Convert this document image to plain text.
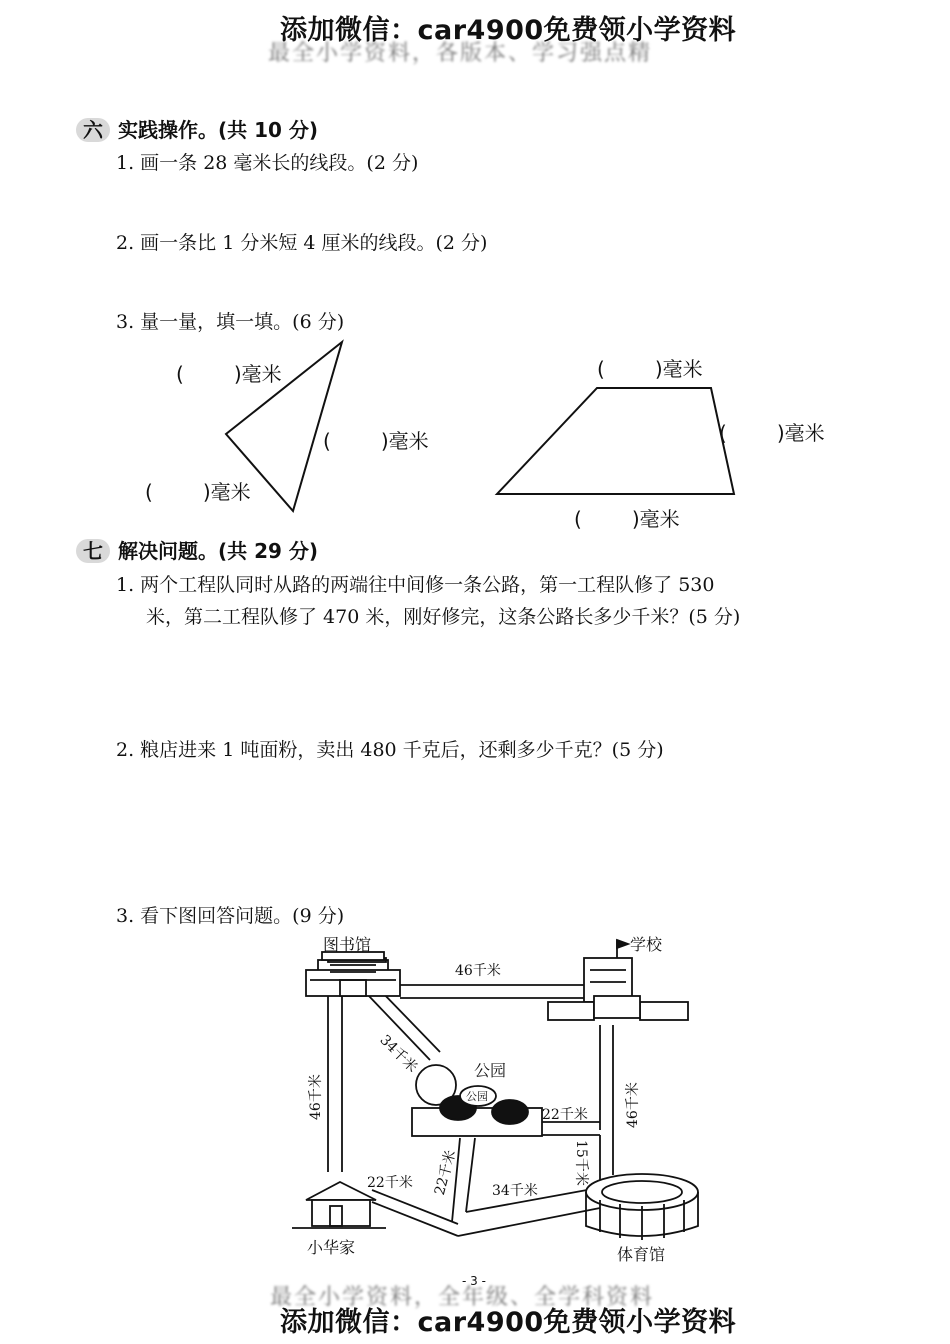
最全小学资料，各版本、学习强点精
添加微信：car4900免费领小学资料
六 实践操作。(共 10 分)
1. 画一条 28 毫米长的线段。(2 分)
2. 画一条比 1 分米短 4 厘米的线段。(2 分)
3. 量一量，填一填。(6 分)
(	)毫米
(	)毫米
(	)毫米
(	)毫米
(	)毫米
(	)毫米
七 解决问题。(共 29 分)
1. 两个工程队同时从路的两端往中间修一条公路，第一工程队修了 530
米，第二工程队修了 470 米，刚好修完，这条公路长多少千米？(5 分)
2. 粮店进来 1 吨面粉，卖出 480 千克后，还剩多少千克？(5 分)
3. 看下图回答问题。(9 分)
图书馆	学校
公园
公园
小华家	体育馆
46千米
34千米
46千米	46千米
22千米
22千米
22千米	34千米
15千米
- 3 -
最全小学资料，全年级、全学科资料
添加微信：car4900免费领小学资料
